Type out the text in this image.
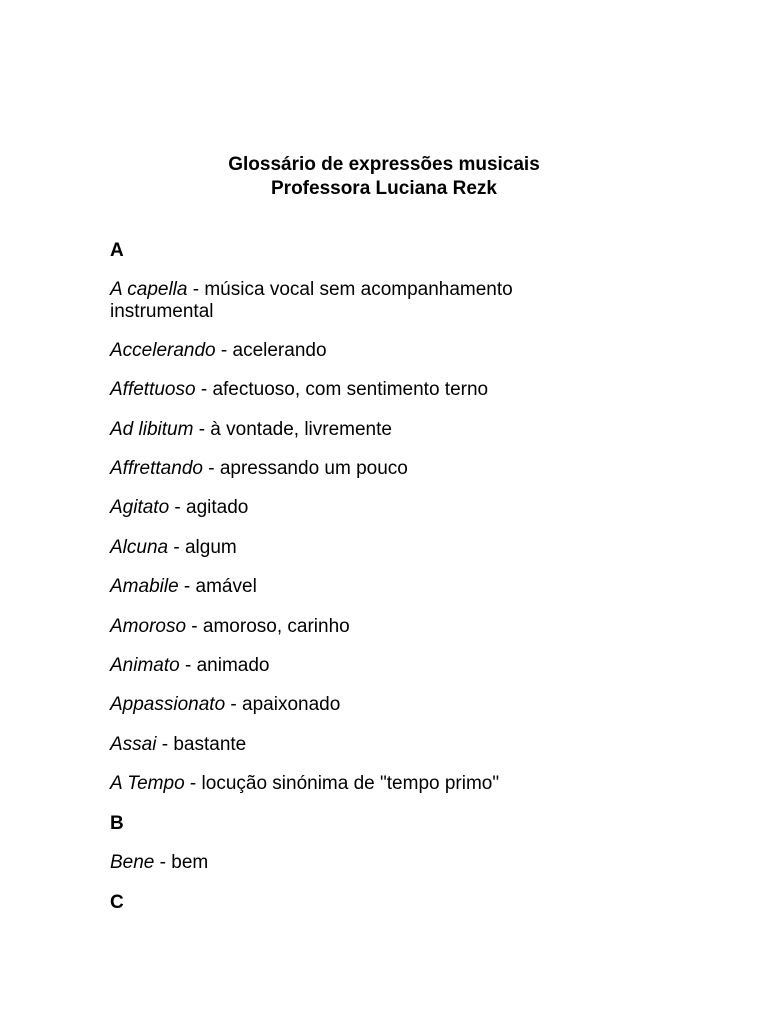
Glossário de expressões musicais
Professora Luciana Rezk
A
A capella - música vocal sem acompanhamento instrumental
Accelerando - acelerando
Affettuoso - afectuoso, com sentimento terno
Ad libitum - à vontade, livremente
Affrettando - apressando um pouco
Agitato - agitado
Alcuna - algum
Amabile - amável
Amoroso - amoroso, carinho
Animato - animado
Appassionato - apaixonado
Assai - bastante
A Tempo - locução sinónima de "tempo primo"
B
Bene - bem
C
